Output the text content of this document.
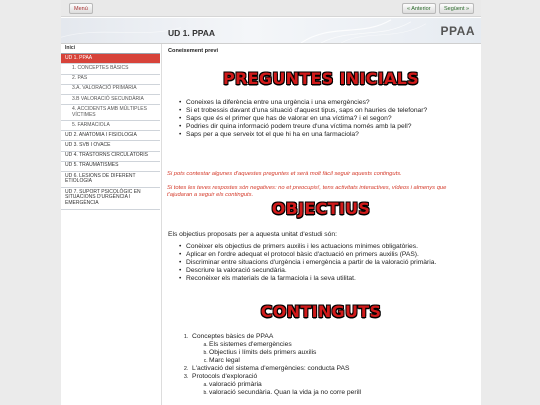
Menú	« Anterior	Següent »
UD 1. PPAA	PPAA
Inici
UD 1. PPAA
1. CONCEPTES BÀSICS
2. PAS
3.A. VALORACIÓ PRIMÀRIA
3.B VALORACIÓ SECUNDÀRIA
4. ACCIDENTS AMB MÚLTIPLES VÍCTIMES
5. FARMACIOLA
UD 2. ANATOMIA I FISIOLOGIA
UD 3. SVB I OVACE
UD 4. TRASTORNS CIRCULATORIS
UD 5. TRAUMATISMES
UD 6. LESIONS DE DIFERENT ETIOLOGIA
UD 7. SUPORT PSICOLÒGIC EN SITUACIONS D'URGÈNCIA I EMERGÈNCIA
Coneixement previ
PREGUNTES INICIALS
• Coneixes la diferència entre una urgència i una emergències?
• Si et trobessis davant d'una situació d'aquest tipus, saps on hauries de telefonar?
• Saps que és el primer que has de valorar en una víctima? i el segon?
• Podries dir quina informació podem treure d'una víctima només amb la pell?
• Saps per a que serveix tot el que hi ha en una farmaciola?
Si pots contestar algunes d'aquestes preguntes et serà molt fàcil seguir aquests continguts.
Si totes les teves respostes són negatives: no et preocupis!, tens activitats interactives, vídeos i almenys que t'ajudaran a seguir els continguts.
OBJECTIUS
Els objectius proposats per a aquesta unitat d'estudi són:
• Conèixer els objectius de primers auxilis i les actuacions mínimes obligatòries.
• Aplicar en l'ordre adequat el protocol bàsic d'actuació en primers auxilis (PAS).
• Discriminar entre situacions d'urgència i emergència a partir de la valoració primària.
• Descriure la valoració secundària.
• Reconèixer els materials de la farmaciola i la seva utilitat.
CONTINGUTS
1. Conceptes bàsics de PPAA
a. Els sistemes d'emergències
b. Objectius i límits dels primers auxilis
c. Marc legal
2. L'activació del sistema d'emergències: conducta PAS
3. Protocols d'exploració
a. valoració primària
b. valoració secundària. Quan la vida ja no corre perill
